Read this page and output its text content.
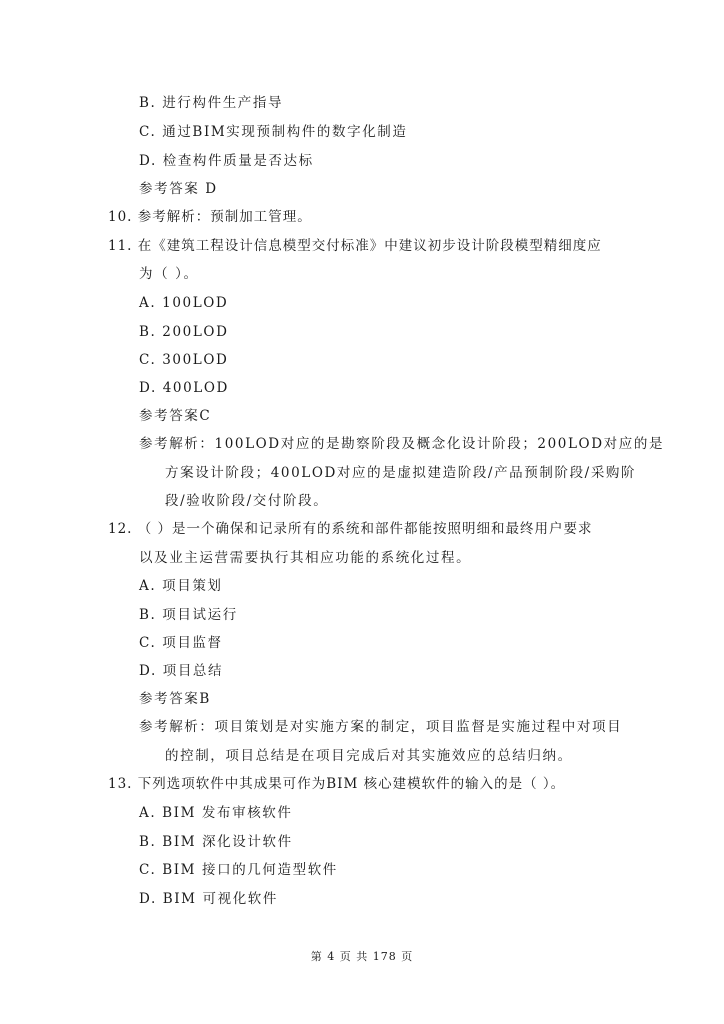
B. 进行构件生产指导
C. 通过BIM实现预制构件的数字化制造
D. 检查构件质量是否达标
参考答案 D
10. 参考解析：预制加工管理。
11. 在《建筑工程设计信息模型交付标准》中建议初步设计阶段模型精细度应
为（ ）。
A. 100LOD
B. 200LOD
C. 300LOD
D. 400LOD
参考答案C
参考解析：100LOD对应的是勘察阶段及概念化设计阶段；200LOD对应的是
方案设计阶段；400LOD对应的是虚拟建造阶段/产品预制阶段/采购阶
段/验收阶段/交付阶段。
12. （ ）是一个确保和记录所有的系统和部件都能按照明细和最终用户要求
以及业主运营需要执行其相应功能的系统化过程。
A. 项目策划
B. 项目试运行
C. 项目监督
D. 项目总结
参考答案B
参考解析：项目策划是对实施方案的制定，项目监督是实施过程中对项目
的控制，项目总结是在项目完成后对其实施效应的总结归纳。
13. 下列选项软件中其成果可作为BIM 核心建模软件的输入的是（ ）。
A. BIM 发布审核软件
B. BIM 深化设计软件
C. BIM 接口的几何造型软件
D. BIM 可视化软件
第 4 页 共 178 页
